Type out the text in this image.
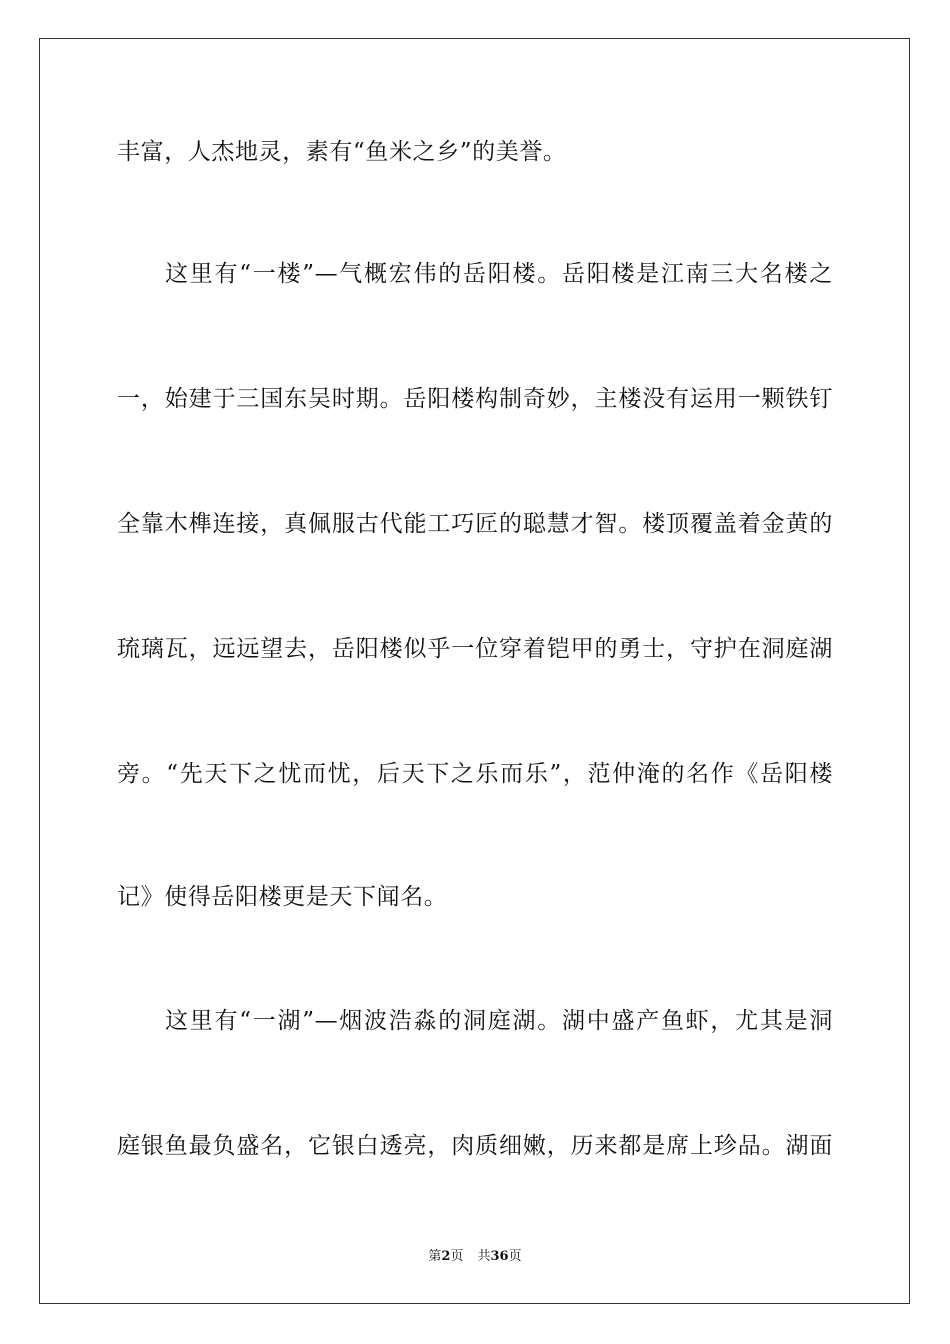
丰富，人杰地灵，素有“鱼米之乡”的美誉。
这里有“一楼”—气概宏伟的岳阳楼。岳阳楼是江南三大名楼之
一，始建于三国东吴时期。岳阳楼构制奇妙，主楼没有运用一颗铁钉
全靠木榫连接，真佩服古代能工巧匠的聪慧才智。楼顶覆盖着金黄的
琉璃瓦，远远望去，岳阳楼似乎一位穿着铠甲的勇士，守护在洞庭湖
旁。“先天下之忧而忧，后天下之乐而乐”，范仲淹的名作《岳阳楼
记》使得岳阳楼更是天下闻名。
这里有“一湖”—烟波浩淼的洞庭湖。湖中盛产鱼虾，尤其是洞
庭银鱼最负盛名，它银白透亮，肉质细嫩，历来都是席上珍品。湖面
第2页 共36页
